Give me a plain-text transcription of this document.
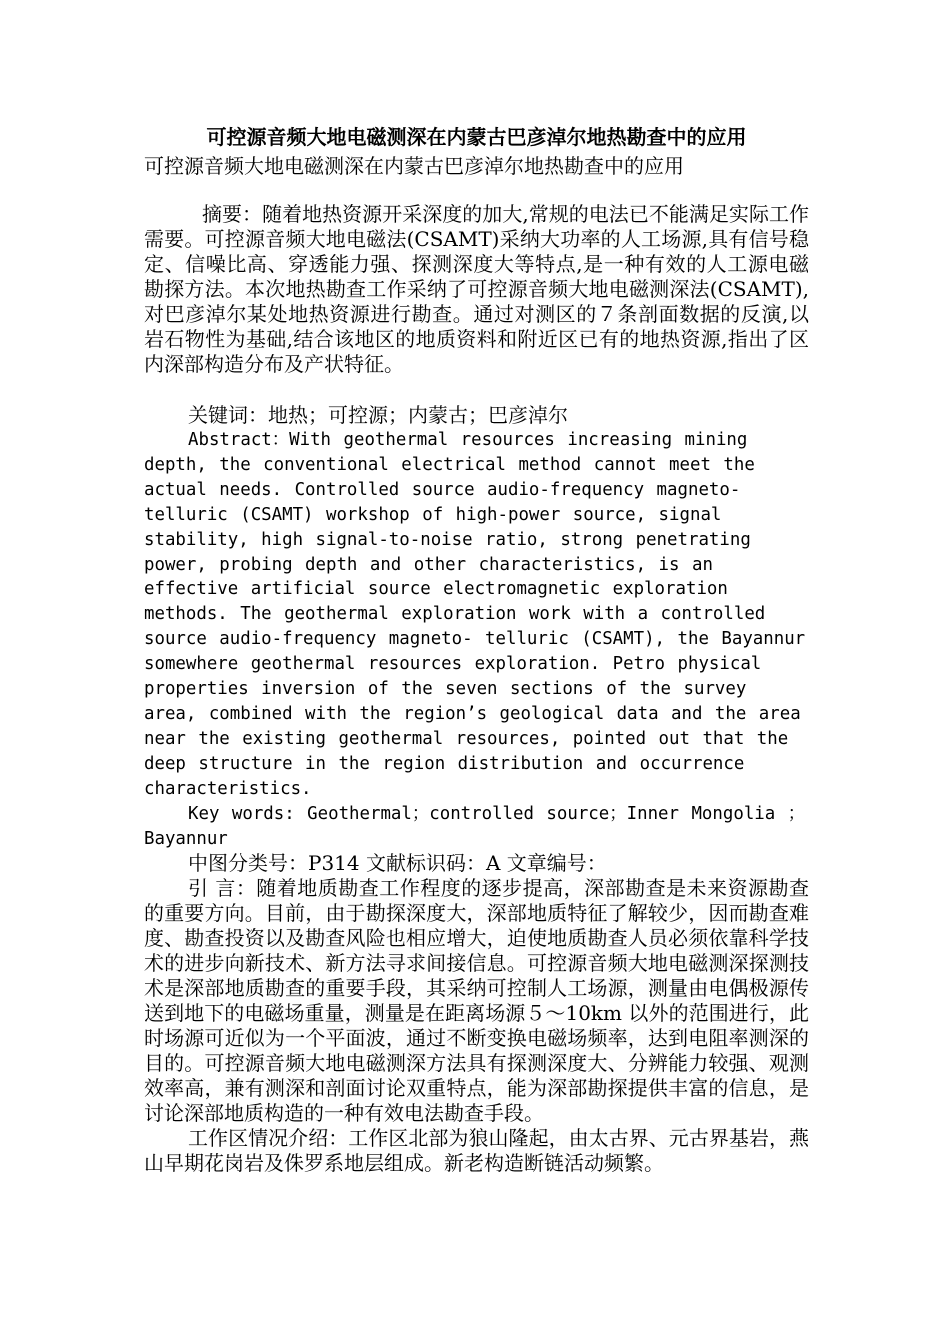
可控源音频大地电磁测深在内蒙古巴彦淖尔地热勘查中的应用

可控源音频大地电磁测深在内蒙古巴彦淖尔地热勘查中的应用

摘要：随着地热资源开采深度的加大,常规的电法已不能满足实际工作需要。可控源音频大地电磁法(CSAMT)采纳大功率的人工场源,具有信号稳定、信噪比高、穿透能力强、探测深度大等特点,是一种有效的人工源电磁勘探方法。本次地热勘查工作采纳了可控源音频大地电磁测深法(CSAMT),对巴彦淖尔某处地热资源进行勘查。通过对测区的７条剖面数据的反演,以岩石物性为基础,结合该地区的地质资料和附近区已有的地热资源,指出了区内深部构造分布及产状特征。

关键词：地热；可控源；内蒙古；巴彦淖尔

Abstract：With geothermal resources increasing mining depth, the conventional electrical method cannot meet the actual needs. Controlled source audio-frequency magneto-telluric (CSAMT) workshop of high-power source, signal stability, high signal-to-noise ratio, strong penetrating power, probing depth and other characteristics, is an effective artificial source electromagnetic exploration methods. The geothermal exploration work with a controlled source audio-frequency magneto- telluric (CSAMT), the Bayannur somewhere geothermal resources exploration. Petro physical properties inversion of the seven sections of the survey area, combined with the region’s geological data and the area near the existing geothermal resources, pointed out that the deep structure in the region distribution and occurrence characteristics.

Key words: Geothermal；controlled source；Inner Mongolia ；Bayannur

中图分类号：P314 文献标识码：A 文章编号：

引 言：随着地质勘查工作程度的逐步提高，深部勘查是未来资源勘查的重要方向。目前，由于勘探深度大，深部地质特征了解较少，因而勘查难度、勘查投资以及勘查风险也相应增大，迫使地质勘查人员必须依靠科学技术的进步向新技术、新方法寻求间接信息。可控源音频大地电磁测深探测技术是深部地质勘查的重要手段，其采纳可控制人工场源，测量由电偶极源传送到地下的电磁场重量，测量是在距离场源５～10km 以外的范围进行，此时场源可近似为一个平面波，通过不断变换电磁场频率，达到电阻率测深的目的。可控源音频大地电磁测深方法具有探测深度大、分辨能力较强、观测效率高，兼有测深和剖面讨论双重特点，能为深部勘探提供丰富的信息，是讨论深部地质构造的一种有效电法勘查手段。

工作区情况介绍：工作区北部为狼山隆起，由太古界、元古界基岩，燕山早期花岗岩及侏罗系地层组成。新老构造断链活动频繁。
